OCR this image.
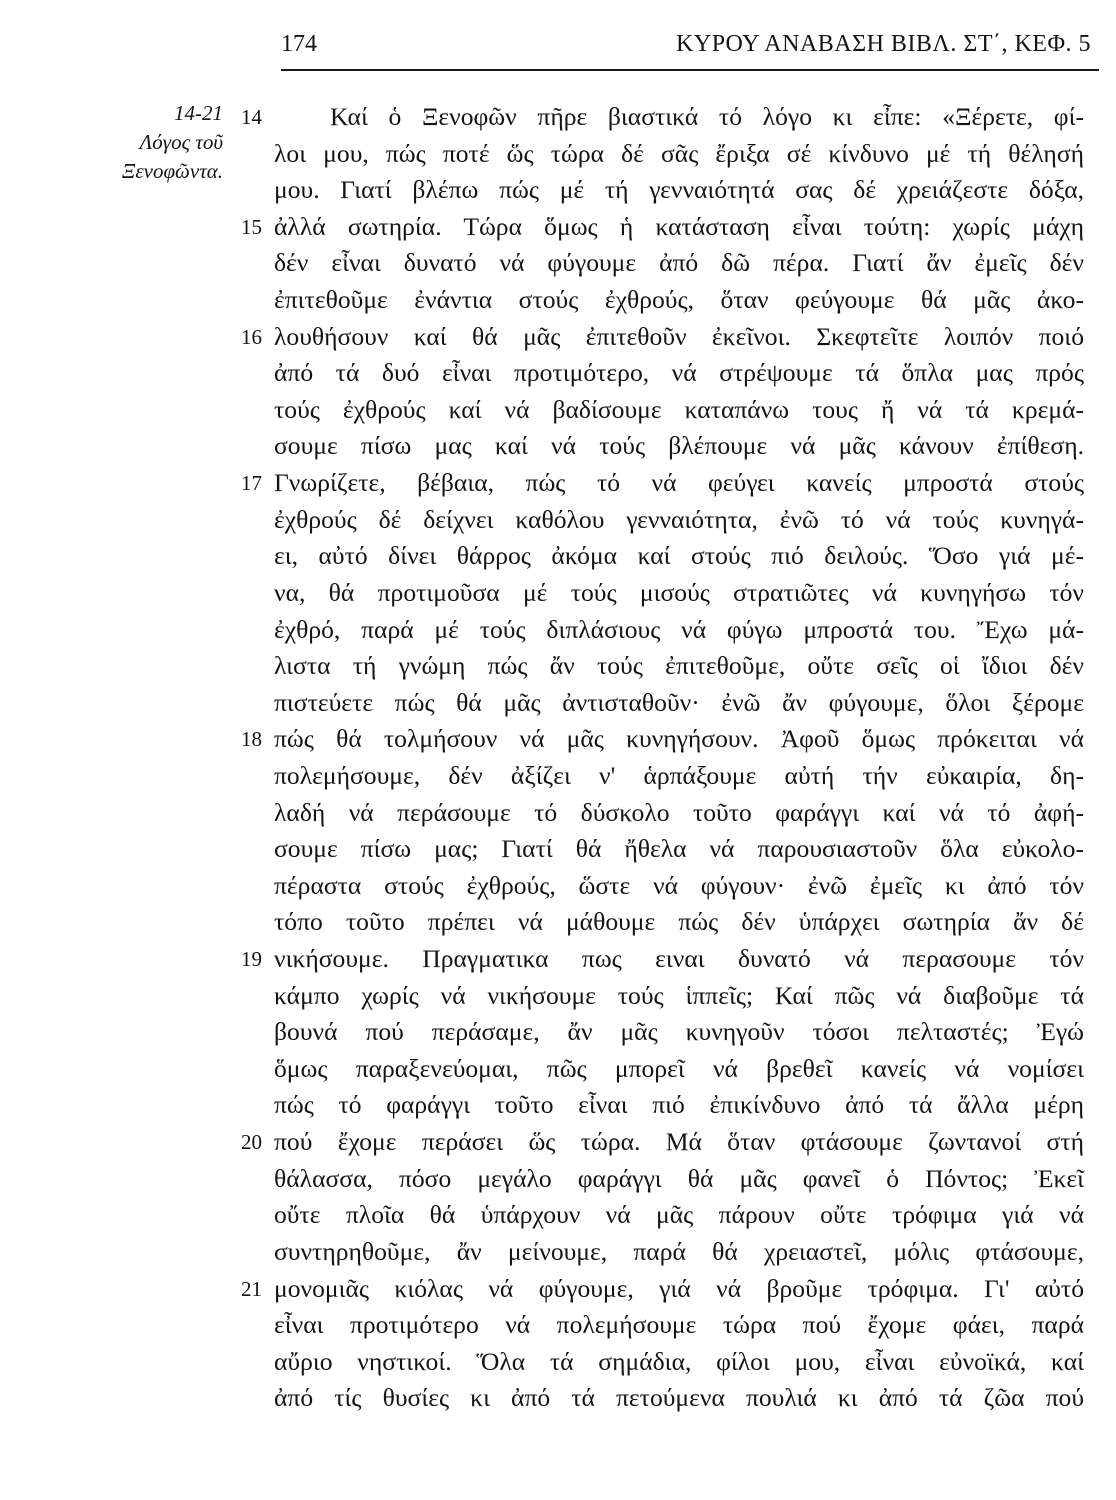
174	ΚΥΡΟΥ ΑΝΑΒΑΣΗ ΒΙΒΛ. ΣΤ΄, ΚΕΦ. 5
14-21
Λόγος τοῦ
Ξενοφῶντα.
14	Καί ὁ Ξενοφῶν πῆρε βιαστικά τό λόγο κι εἶπε: «Ξέρετε, φί-
λοι μου, πώς ποτέ ὥς τώρα δέ σᾶς ἔριξα σέ κίνδυνο μέ τή θέλησή
μου. Γιατί βλέπω πώς μέ τή γενναιότητά σας δέ χρειάζεστε δόξα,
15 ἀλλά σωτηρία. Τώρα ὅμως ἡ κατάσταση εἶναι τούτη: χωρίς μάχη
δέν εἶναι δυνατό νά φύγουμε ἀπό δῶ πέρα. Γιατί ἄν ἐμεῖς δέν
ἐπιτεθοῦμε ἐνάντια στούς ἐχθρούς, ὅταν φεύγουμε θά μᾶς ἀκο-
16 λουθήσουν καί θά μᾶς ἐπιτεθοῦν ἐκεῖνοι. Σκεφτεῖτε λοιπόν ποιό
ἀπό τά δυό εἶναι προτιμότερο, νά στρέψουμε τά ὅπλα μας πρός
τούς ἐχθρούς καί νά βαδίσουμε καταπάνω τους ἤ νά τά κρεμά-
σουμε πίσω μας καί νά τούς βλέπουμε νά μᾶς κάνουν ἐπίθεση.
17 Γνωρίζετε, βέβαια, πώς τό νά φεύγει κανείς μπροστά στούς
ἐχθρούς δέ δείχνει καθόλου γενναιότητα, ἐνῶ τό νά τούς κυνηγά-
ει, αὐτό δίνει θάρρος ἀκόμα καί στούς πιό δειλούς. Ὅσο γιά μέ-
να, θά προτιμοῦσα μέ τούς μισούς στρατιῶτες νά κυνηγήσω τόν
ἐχθρό, παρά μέ τούς διπλάσιους νά φύγω μπροστά του. Ἔχω μά-
λιστα τή γνώμη πώς ἄν τούς ἐπιτεθοῦμε, οὔτε σεῖς οἱ ἴδιοι δέν
πιστεύετε πώς θά μᾶς ἀντισταθοῦν· ἐνῶ ἄν φύγουμε, ὅλοι ξέρομε
18 πώς θά τολμήσουν νά μᾶς κυνηγήσουν. Ἀφοῦ ὅμως πρόκειται νά
πολεμήσουμε, δέν ἀξίζει ν' ἁρπάξουμε αὐτή τήν εὐκαιρία, δη-
λαδή νά περάσουμε τό δύσκολο τοῦτο φαράγγι καί νά τό ἀφή-
σουμε πίσω μας; Γιατί θά ἤθελα νά παρουσιαστοῦν ὅλα εὐκολο-
πέραστα στούς ἐχθρούς, ὥστε νά φύγουν· ἐνῶ ἐμεῖς κι ἀπό τόν
τόπο τοῦτο πρέπει νά μάθουμε πώς δέν ὑπάρχει σωτηρία ἄν δέ
19 νικήσουμε. Πραγματικα πως ειναι δυνατό νά περασουμε τόν
κάμπο χωρίς νά νικήσουμε τούς ἱππεῖς; Καί πῶς νά διαβοῦμε τά
βουνά πού περάσαμε, ἄν μᾶς κυνηγοῦν τόσοι πελταστές; Ἐγώ
ὅμως παραξενεύομαι, πῶς μπορεῖ νά βρεθεῖ κανείς νά νομίσει
πώς τό φαράγγι τοῦτο εἶναι πιό ἐπικίνδυνο ἀπό τά ἄλλα μέρη
20 πού ἔχομε περάσει ὥς τώρα. Μά ὅταν φτάσουμε ζωντανοί στή
θάλασσα, πόσο μεγάλο φαράγγι θά μᾶς φανεῖ ὁ Πόντος; Ἐκεῖ
οὔτε πλοῖα θά ὑπάρχουν νά μᾶς πάρουν οὔτε τρόφιμα γιά νά
συντηρηθοῦμε, ἄν μείνουμε, παρά θά χρειαστεῖ, μόλις φτάσουμε,
21 μονομιᾶς κιόλας νά φύγουμε, γιά νά βροῦμε τρόφιμα. Γι' αὐτό
εἶναι προτιμότερο νά πολεμήσουμε τώρα πού ἔχομε φάει, παρά
αὔριο νηστικοί. Ὅλα τά σημάδια, φίλοι μου, εἶναι εὐνοϊκά, καί
ἀπό τίς θυσίες κι ἀπό τά πετούμενα πουλιά κι ἀπό τά ζῶα πού
